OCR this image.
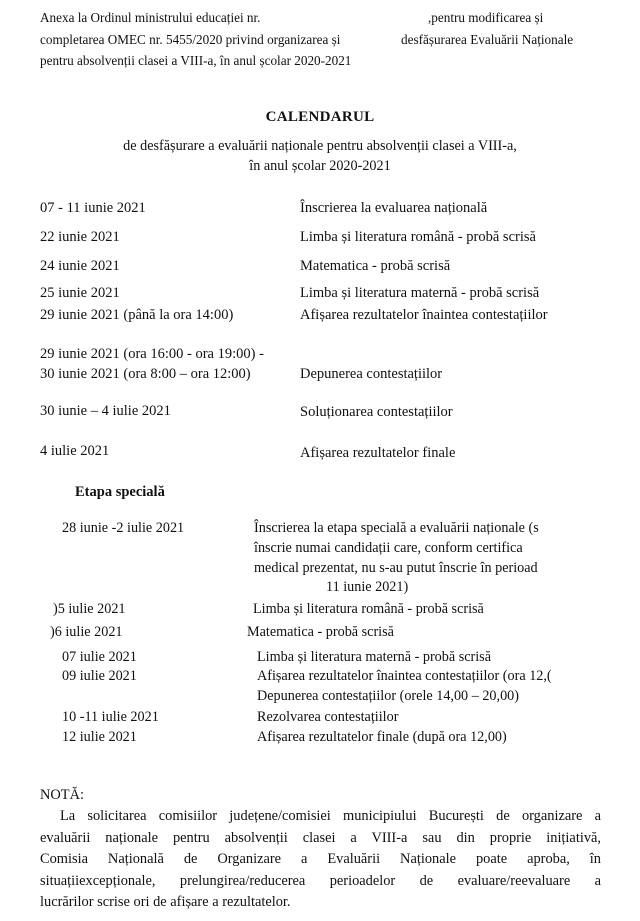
Anexa la Ordinul ministrului educației nr.
completarea OMEC nr. 5455/2020 privind organizarea și
pentru absolvenții clasei a VIII-a, în anul școlar 2020-2021
,pentru modificarea și
desfășurarea Evaluării Naționale
CALENDARUL
de desfășurare a evaluării naționale pentru absolvenții clasei a VIII-a,
în anul școlar 2020-2021
07 - 11 iunie 2021	Înscrierea la evaluarea națională
22 iunie 2021	Limba și literatura română - probă scrisă
24 iunie 2021	Matematica - probă scrisă
25 iunie 2021	Limba și literatura maternă - probă scrisă
29 iunie 2021 (până la ora 14:00)	Afișarea rezultatelor înaintea contestațiilor
29 iunie 2021 (ora 16:00 - ora 19:00) -
30 iunie 2021 (ora 8:00 – ora 12:00)	Depunerea contestațiilor
30 iunie – 4 iulie 2021	Soluționarea contestațiilor
4 iulie 2021	Afișarea rezultatelor finale
Etapa specială
28 iunie -2 iulie 2021	Înscrierea la etapa specială a evaluării naționale (s
înscrie numai candidații care, conform certifica
medical prezentat, nu s-au putut înscrie în perioad
11 iunie 2021)
)5 iulie 2021	Limba și literatura română - probă scrisă
)6 iulie 2021	Matematica - probă scrisă
07 iulie 2021	Limba și literatura maternă - probă scrisă
09 iulie 2021	Afișarea rezultatelor înaintea contestațiilor (ora 12,(
Depunerea contestațiilor (orele 14,00 – 20,00)
10 -11 iulie 2021	Rezolvarea contestațiilor
12 iulie 2021	Afișarea rezultatelor finale (după ora 12,00)
NOTĂ:
La solicitarea comisiilor județene/comisiei municipiului București de organizare a
evaluării naționale pentru absolvenții clasei a VIII-a sau din proprie inițiativă,
Comisia Națională de Organizare a Evaluării Naționale poate aproba, în
situațiiexcepționale, prelungirea/reducerea perioadelor de evaluare/reevaluare a
lucrărilor scrise ori de afișare a rezultatelor.
